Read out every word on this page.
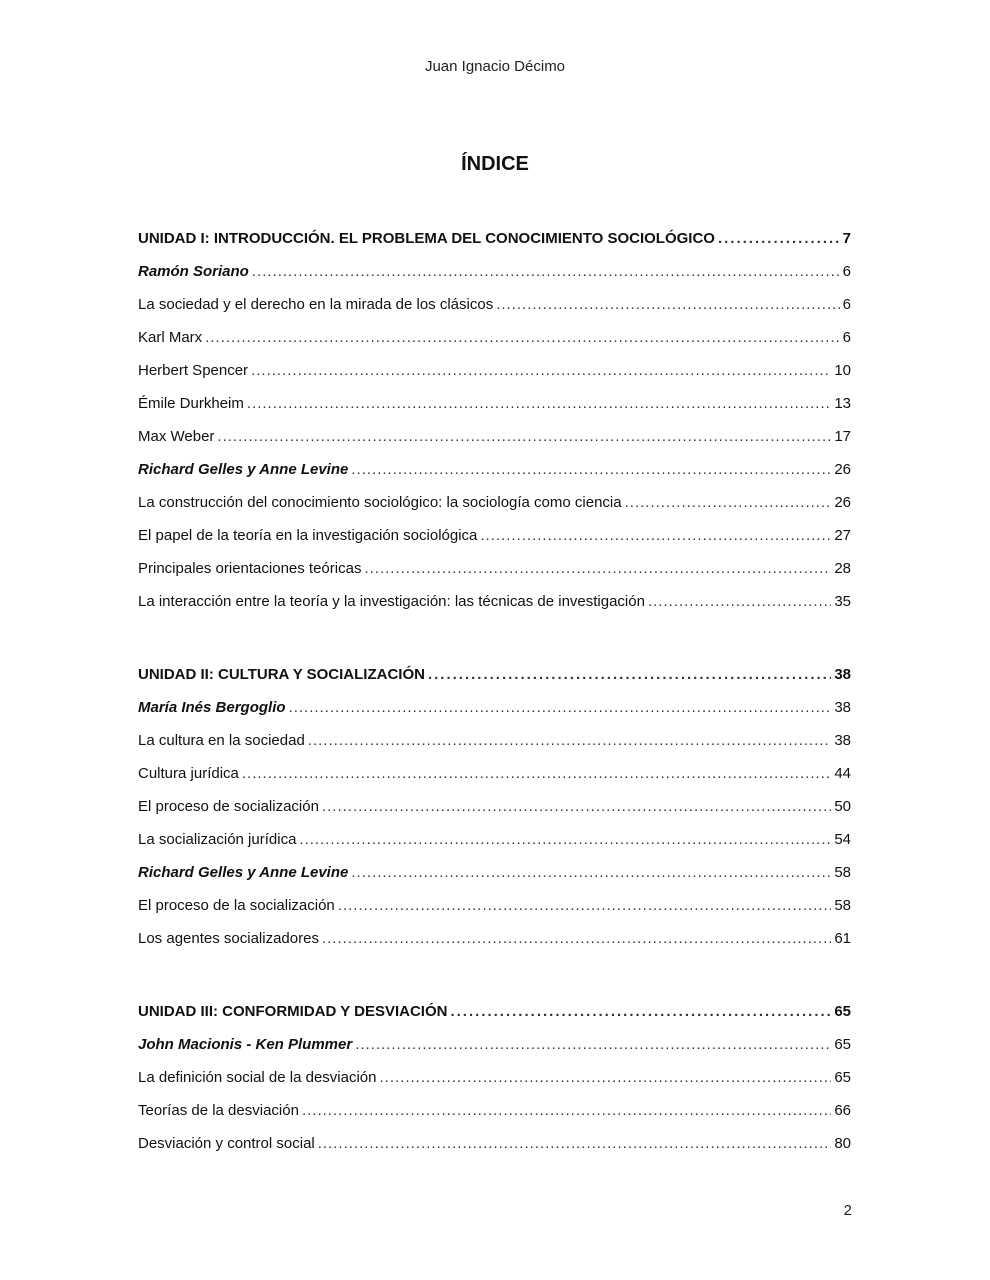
Juan Ignacio Décimo
ÍNDICE
UNIDAD I: INTRODUCCIÓN. EL PROBLEMA DEL CONOCIMIENTO SOCIOLÓGICO .....	7
Ramón Soriano .....	6
La sociedad y el derecho en la mirada de los clásicos .....	6
Karl Marx .....	6
Herbert Spencer .....	10
Émile Durkheim .....	13
Max Weber .....	17
Richard Gelles y Anne Levine .....	26
La construcción del conocimiento sociológico: la sociología como ciencia .....	26
El papel de la teoría en la investigación sociológica .....	27
Principales orientaciones teóricas .....	28
La interacción entre la teoría y la investigación: las técnicas de investigación .....	35
UNIDAD II: CULTURA Y SOCIALIZACIÓN .....	38
María Inés Bergoglio .....	38
La cultura en la sociedad .....	38
Cultura jurídica .....	44
El proceso de socialización .....	50
La socialización jurídica .....	54
Richard Gelles y Anne Levine .....	58
El proceso de la socialización .....	58
Los agentes socializadores .....	61
UNIDAD III: CONFORMIDAD Y DESVIACIÓN .....	65
John Macionis - Ken Plummer .....	65
La definición social de la desviación .....	65
Teorías de la desviación .....	66
Desviación y control social .....	80
2
